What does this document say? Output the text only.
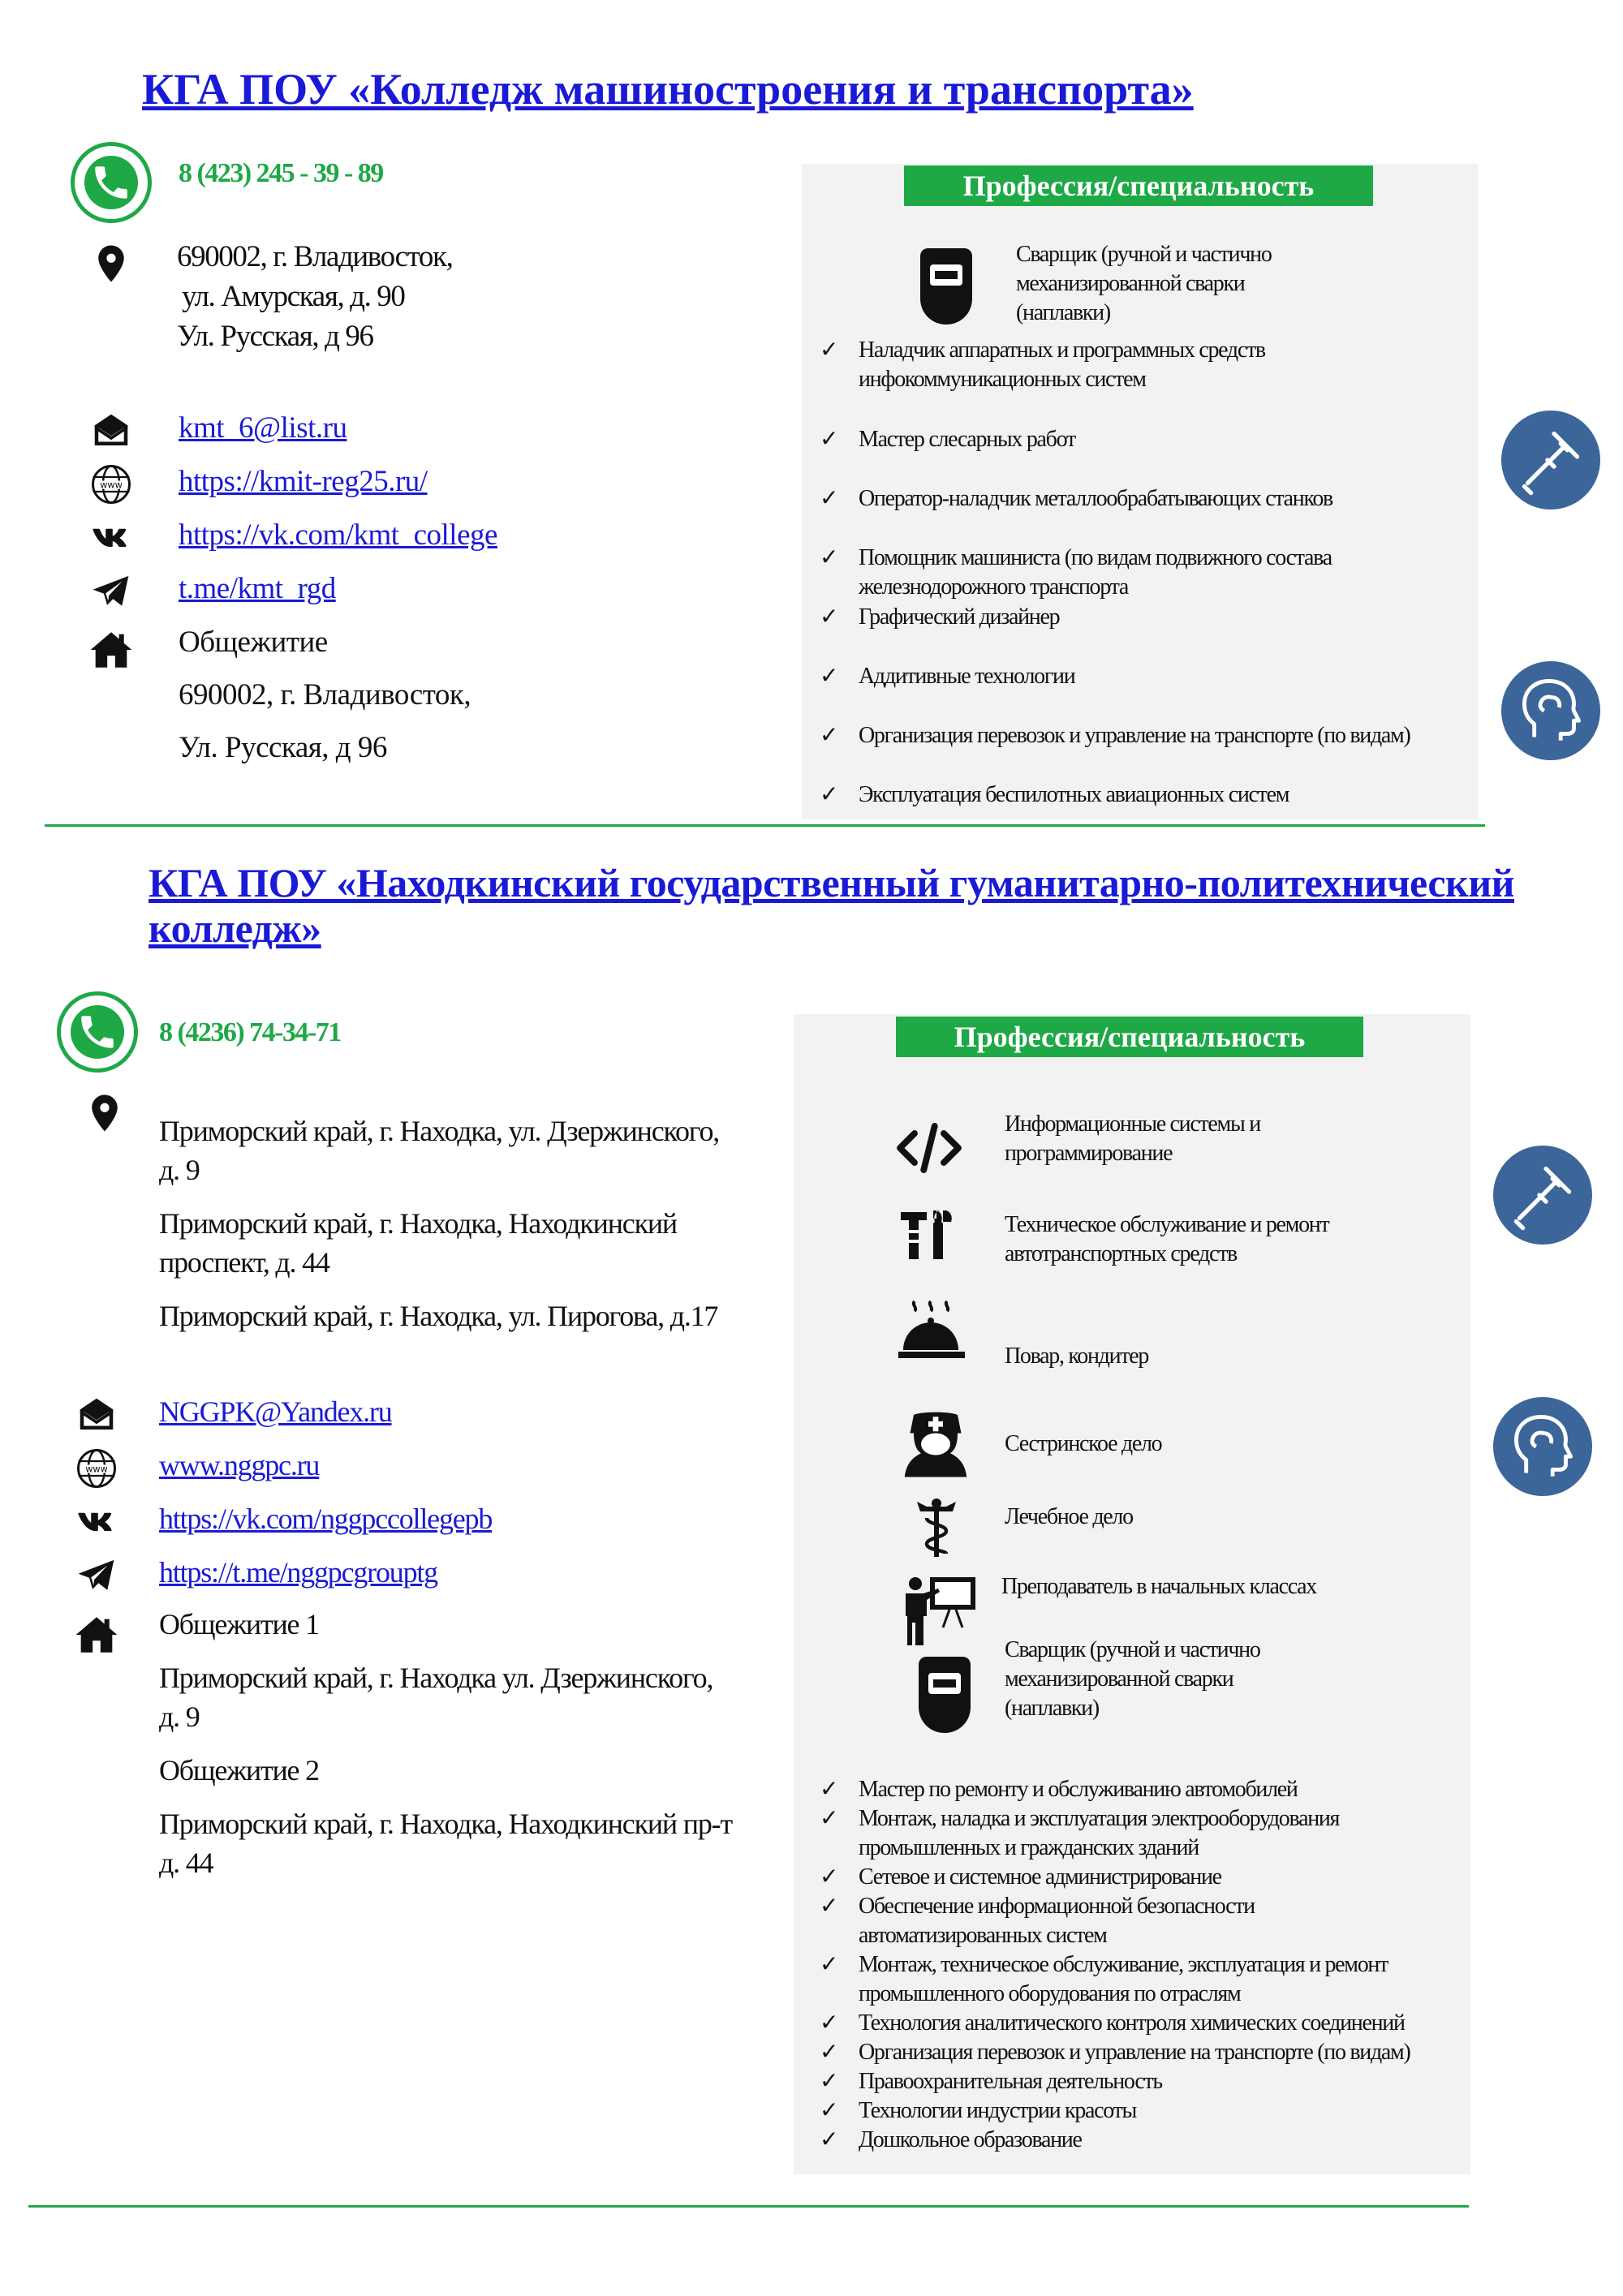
КГА ПОУ «Колледж машиностроения и транспорта»
8 (423) 245 - 39 - 89
690002, г. Владивосток,
ул. Амурская, д. 90
Ул. Русская, д 96
kmt_6@list.ru
www https://kmit-reg25.ru/
https://vk.com/kmt_college
t.me/kmt_rgd
Общежитие
690002, г. Владивосток,
Ул. Русская, д 96
Профессия/специальность
Сварщик (ручной и частично
механизированной сварки
(наплавки)
✓ Наладчик аппаратных и программных средств
инфокоммуникационных систем
✓ Мастер слесарных работ
✓ Оператор-наладчик металлообрабатывающих станков
✓ Помощник машиниста (по видам подвижного состава
железнодорожного транспорта
✓ Графический дизайнер
✓ Аддитивные технологии
✓ Организация перевозок и управление на транспорте (по видам)
✓ Эксплуатация беспилотных авиационных систем
КГА ПОУ «Находкинский государственный гуманитарно-политехнический
колледж»
8 (4236) 74-34-71
Приморский край, г. Находка, ул. Дзержинского,
д. 9
Приморский край, г. Находка, Находкинский
проспект, д. 44
Приморский край, г. Находка, ул. Пирогова, д.17
NGGPK@Yandex.ru
www www.nggpc.ru
https://vk.com/nggpccollegepb
https://t.me/nggpcgrouptg
Общежитие 1
Приморский край, г. Находка ул. Дзержинского,
д. 9
Общежитие 2
Приморский край, г. Находка, Находкинский пр-т
д. 44
Профессия/специальность
Информационные системы и
программирование
Техническое обслуживание и ремонт
автотранспортных средств
Повар, кондитер
Сестринское дело
Лечебное дело
Преподаватель в начальных классах
Сварщик (ручной и частично
механизированной сварки
(наплавки)
✓ Мастер по ремонту и обслуживанию автомобилей
✓ Монтаж, наладка и эксплуатация электрооборудования
промышленных и гражданских зданий
✓ Сетевое и системное администрирование
✓ Обеспечение информационной безопасности
автоматизированных систем
✓ Монтаж, техническое обслуживание, эксплуатация и ремонт
промышленного оборудования по отраслям
✓ Технология аналитического контроля химических соединений
✓ Организация перевозок и управление на транспорте (по видам)
✓ Правоохранительная деятельность
✓ Технологии индустрии красоты
✓ Дошкольное образование
